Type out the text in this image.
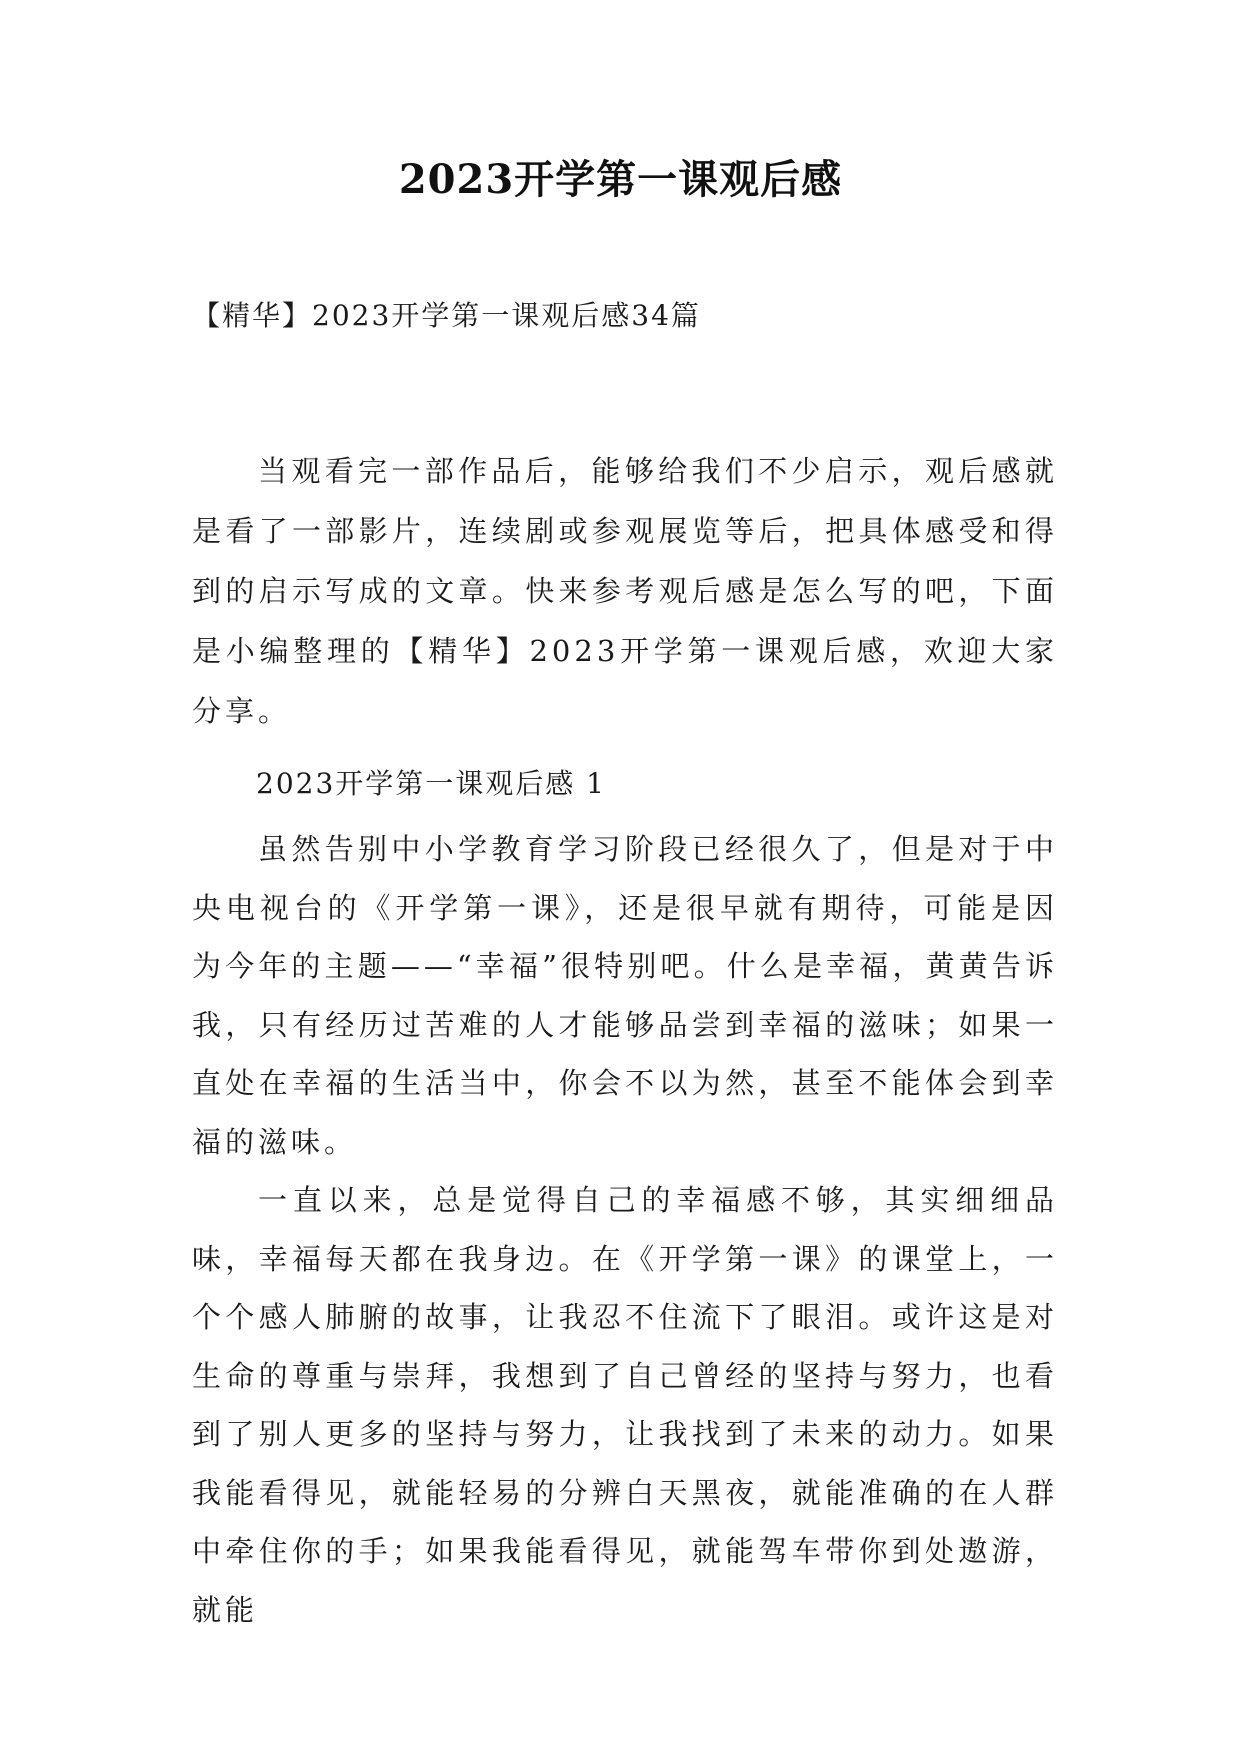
2023开学第一课观后感
【精华】2023开学第一课观后感34篇

当观看完一部作品后，能够给我们不少启示，观后感就是看了一部影片，连续剧或参观展览等后，把具体感受和得到的启示写成的文章。快来参考观后感是怎么写的吧，下面是小编整理的【精华】2023开学第一课观后感，欢迎大家分享。

2023开学第一课观后感 1

虽然告别中小学教育学习阶段已经很久了，但是对于中央电视台的《开学第一课》，还是很早就有期待，可能是因为今年的主题——“幸福”很特别吧。什么是幸福，黄黄告诉我，只有经历过苦难的人才能够品尝到幸福的滋味；如果一直处在幸福的生活当中，你会不以为然，甚至不能体会到幸福的滋味。

一直以来，总是觉得自己的幸福感不够，其实细细品味，幸福每天都在我身边。在《开学第一课》的课堂上，一个个感人肺腑的故事，让我忍不住流下了眼泪。或许这是对生命的尊重与崇拜，我想到了自己曾经的坚持与努力，也看到了别人更多的坚持与努力，让我找到了未来的动力。如果我能看得见，就能轻易的分辨白天黑夜，就能准确的在人群中牵住你的手；如果我能看得见，就能驾车带你到处遨游，就能
